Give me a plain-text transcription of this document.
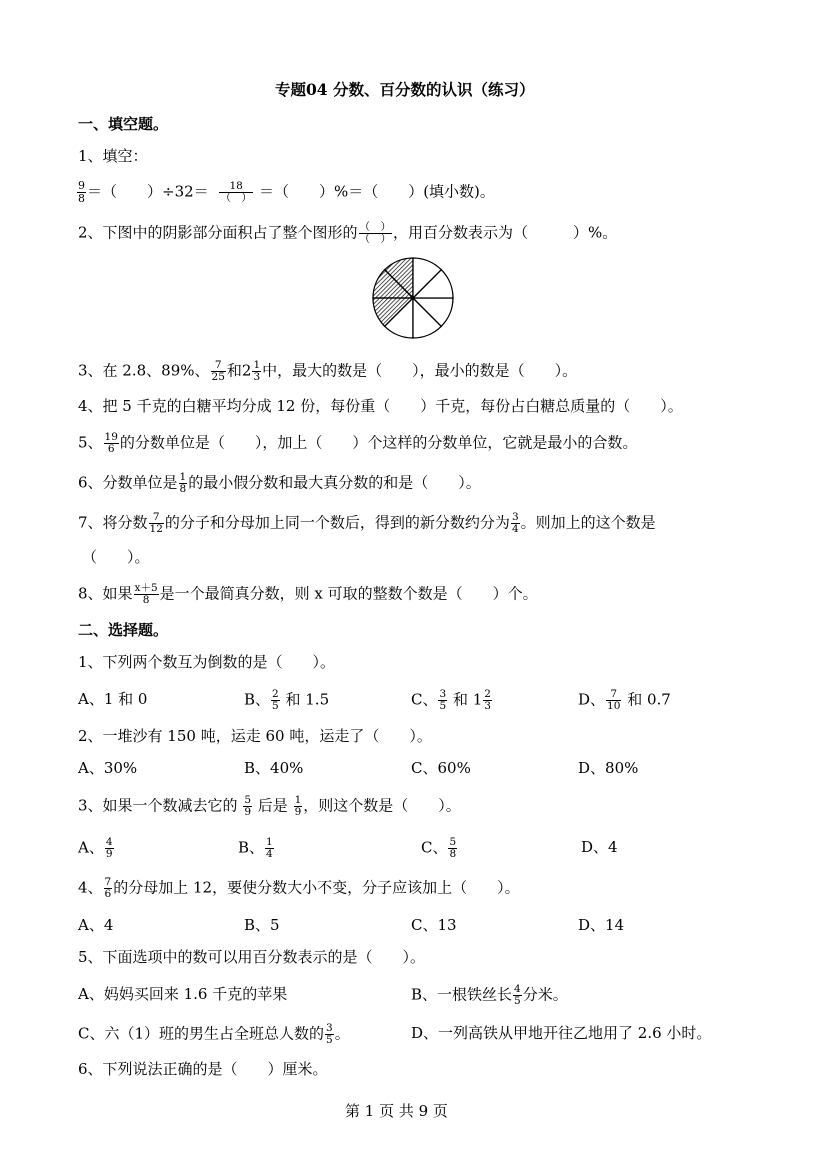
专题04 分数、百分数的认识（练习）
一、填空题。
1、填空：
$\frac{9}{8}$ ＝（　　）$\div 32= \frac{18}{( )}$ ＝（　　）%＝（　　）(填小数)。
2、下图中的阴影部分面积占了整个图形的 $\frac{( )}{( )}$ ，用百分数表示为（　　　）%。
3、在 2.8、89%、 $\frac{7}{25}$ 和$2 \frac{1}{3}$ 中，最大的数是（　　），最小的数是（　　）。
4、把 5 千克的白糖平均分成 12 份，每份重（　　）千克，每份占白糖总质量的（　　）。
5、 $\frac{19}{6}$ 的分数单位是（　　），加上（　　）个这样的分数单位，它就是最小的合数。
6、分数单位是 $\frac{1}{8}$ 的最小假分数和最大真分数的和是（　　）。
7、将分数 $\frac{7}{12}$ 的分子和分母加上同一个数后，得到的新分数约分为 $\frac{3}{4}$ 。则加上的这个数是
（　　）。
8、如果 $\frac{x+5}{8}$ 是一个最简真分数，则 x 可取的整数个数是（　　）个。
二、选择题。
1、下列两个数互为倒数的是（　　）。
A、1 和 0	B、 $\frac{2}{5}$ 和 1.5	C、 $\frac{3}{5}$ 和 $1 \frac{2}{3}$	D、 $\frac{7}{10}$ 和 0.7
2、一堆沙有 150 吨，运走 60 吨，运走了（　　）。
A、30%	B、40%	C、60%	D、80%
3、如果一个数减去它的 $\frac{5}{9}$ 后是 $\frac{1}{9}$ ，则这个数是（　　）。
A、 $\frac{4}{9}$	B、 $\frac{1}{4}$	C、 $\frac{5}{8}$	D、4
4、 $\frac{7}{6}$ 的分母加上 12，要使分数大小不变，分子应该加上（　　）。
A、4	B、5	C、13	D、14
5、下面选项中的数可以用百分数表示的是（　　）。
A、妈妈买回来 1.6 千克的苹果	B、一根铁丝长 $\frac{4}{5}$ 分米。
C、六（1）班的男生占全班总人数的 $\frac{3}{5}$ 。	D、一列高铁从甲地开往乙地用了 2.6 小时。
6、下列说法正确的是（　　）厘米。
第 1 页 共 9 页
